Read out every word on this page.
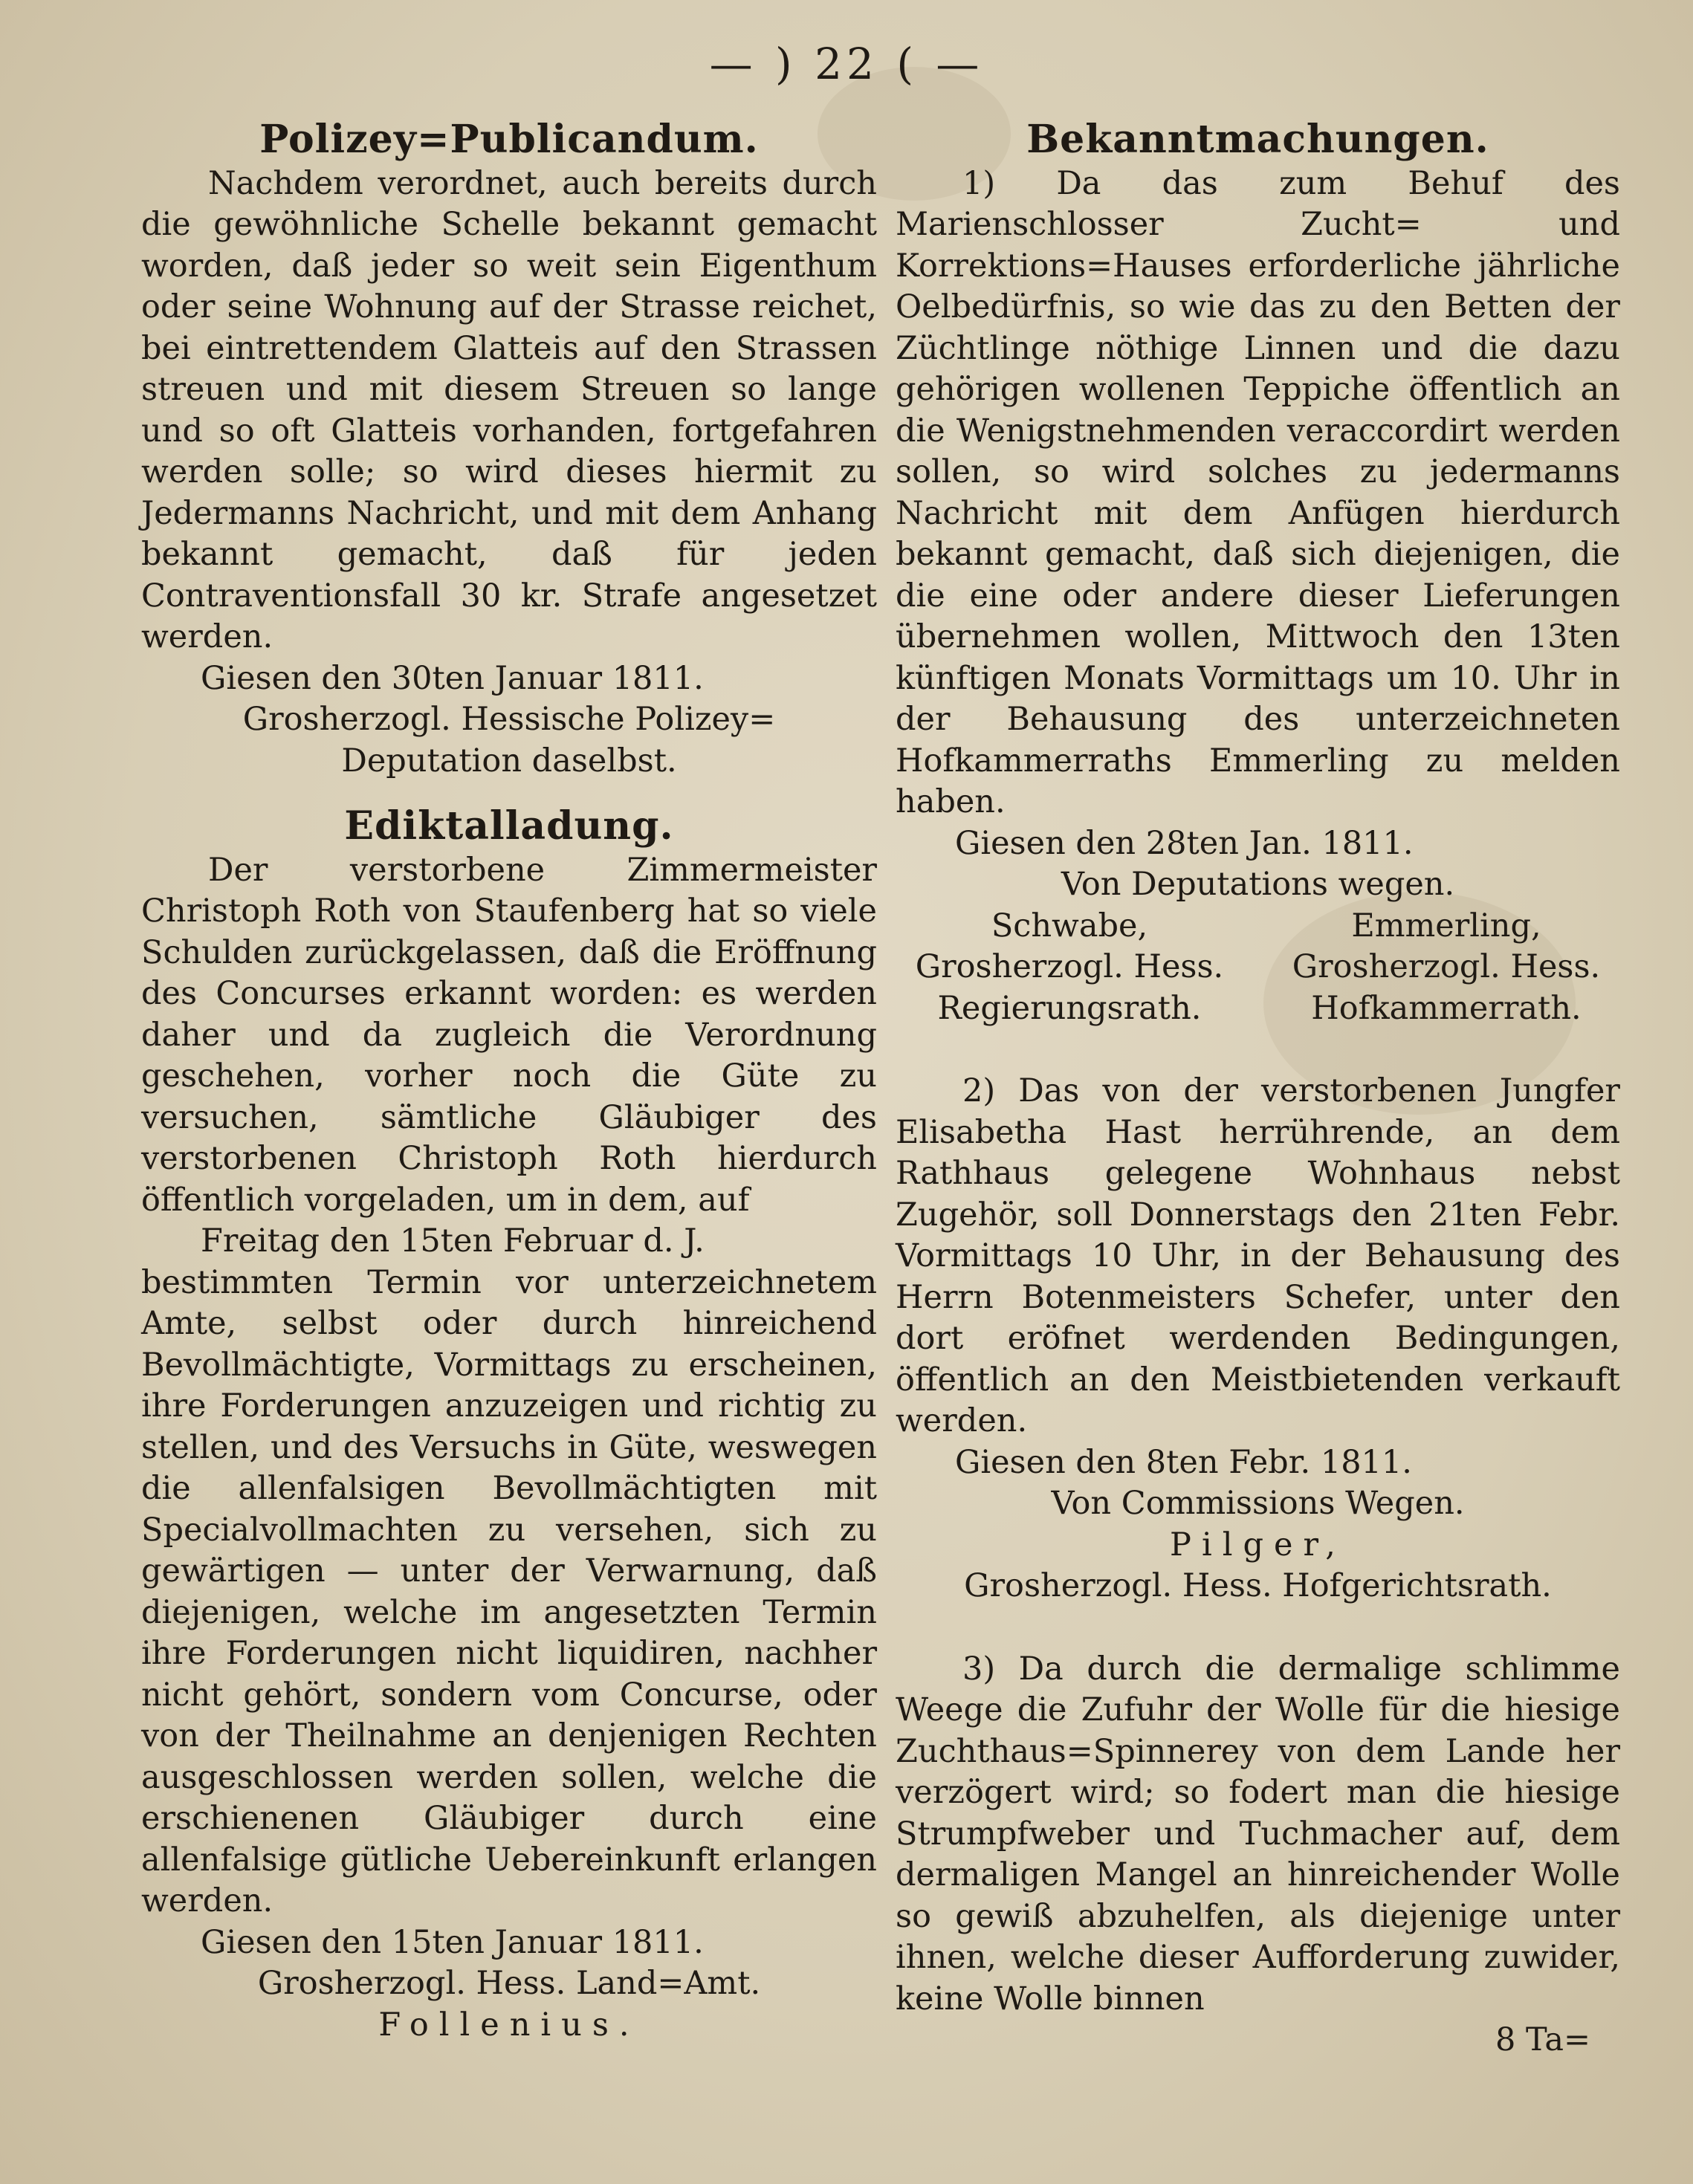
— ) 22 ( —
Polizey=Publicandum.

Nachdem verordnet, auch bereits durch die gewöhnliche Schelle bekannt gemacht worden, daß jeder so weit sein Eigenthum oder seine Wohnung auf der Strasse reichet, bei eintrettendem Glatteis auf den Strassen streuen und mit diesem Streuen so lange und so oft Glatteis vorhanden, fortgefahren werden solle; so wird dieses hiermit zu Jedermanns Nachricht, und mit dem Anhang bekannt gemacht, daß für jeden Contraventionsfall 30 kr. Strafe angesetzet werden.

Giesen den 30ten Januar 1811.

Grosherzogl. Hessische Polizey=

Deputation daselbst.

Ediktalladung.

Der verstorbene Zimmermeister Christoph Roth von Staufenberg hat so viele Schulden zurückgelassen, daß die Eröffnung des Concurses erkannt worden: es werden daher und da zugleich die Verordnung geschehen, vorher noch die Güte zu versuchen, sämtliche Gläubiger des verstorbenen Christoph Roth hierdurch öffentlich vorgeladen, um in dem, auf

Freitag den 15ten Februar d. J.

bestimmten Termin vor unterzeichnetem Amte, selbst oder durch hinreichend Bevollmächtigte, Vormittags zu erscheinen, ihre Forderungen anzuzeigen und richtig zu stellen, und des Versuchs in Güte, weswegen die allenfalsigen Bevollmächtigten mit Specialvollmachten zu versehen, sich zu gewärtigen — unter der Verwarnung, daß diejenigen, welche im angesetzten Termin ihre Forderungen nicht liquidiren, nachher nicht gehört, sondern vom Concurse, oder von der Theilnahme an denjenigen Rechten ausgeschlossen werden sollen, welche die erschienenen Gläubiger durch eine allenfalsige gütliche Uebereinkunft erlangen werden.

Giesen den 15ten Januar 1811.

Grosherzogl. Hess. Land=Amt.

Follenius.

Bekanntmachungen.

1) Da das zum Behuf des Marienschlosser Zucht= und Korrektions=Hauses erforderliche jährliche Oelbedürfnis, so wie das zu den Betten der Züchtlinge nöthige Linnen und die dazu gehörigen wollenen Teppiche öffentlich an die Wenigstnehmenden veraccordirt werden sollen, so wird solches zu jedermanns Nachricht mit dem Anfügen hierdurch bekannt gemacht, daß sich diejenigen, die die eine oder andere dieser Lieferungen übernehmen wollen, Mittwoch den 13ten künftigen Monats Vormittags um 10. Uhr in der Behausung des unterzeichneten Hofkammerraths Emmerling zu melden haben.

Giesen den 28ten Jan. 1811.

Von Deputations wegen.

Schwabe,
Grosherzogl. Hess.
Regierungsrath.
Emmerling,
Grosherzogl. Hess.
Hofkammerrath.

2) Das von der verstorbenen Jungfer Elisabetha Hast herrührende, an dem Rathhaus gelegene Wohnhaus nebst Zugehör, soll Donnerstags den 21ten Febr. Vormittags 10 Uhr, in der Behausung des Herrn Botenmeisters Schefer, unter den dort eröfnet werdenden Bedingungen, öffentlich an den Meistbietenden verkauft werden.

Giesen den 8ten Febr. 1811.

Von Commissions Wegen.

Pilger,

Grosherzogl. Hess. Hofgerichtsrath.

3) Da durch die dermalige schlimme Weege die Zufuhr der Wolle für die hiesige Zuchthaus=Spinnerey von dem Lande her verzögert wird; so fodert man die hiesige Strumpfweber und Tuchmacher auf, dem dermaligen Mangel an hinreichender Wolle so gewiß abzuhelfen, als diejenige unter ihnen, welche dieser Aufforderung zuwider, keine Wolle binnen

8 Ta=
